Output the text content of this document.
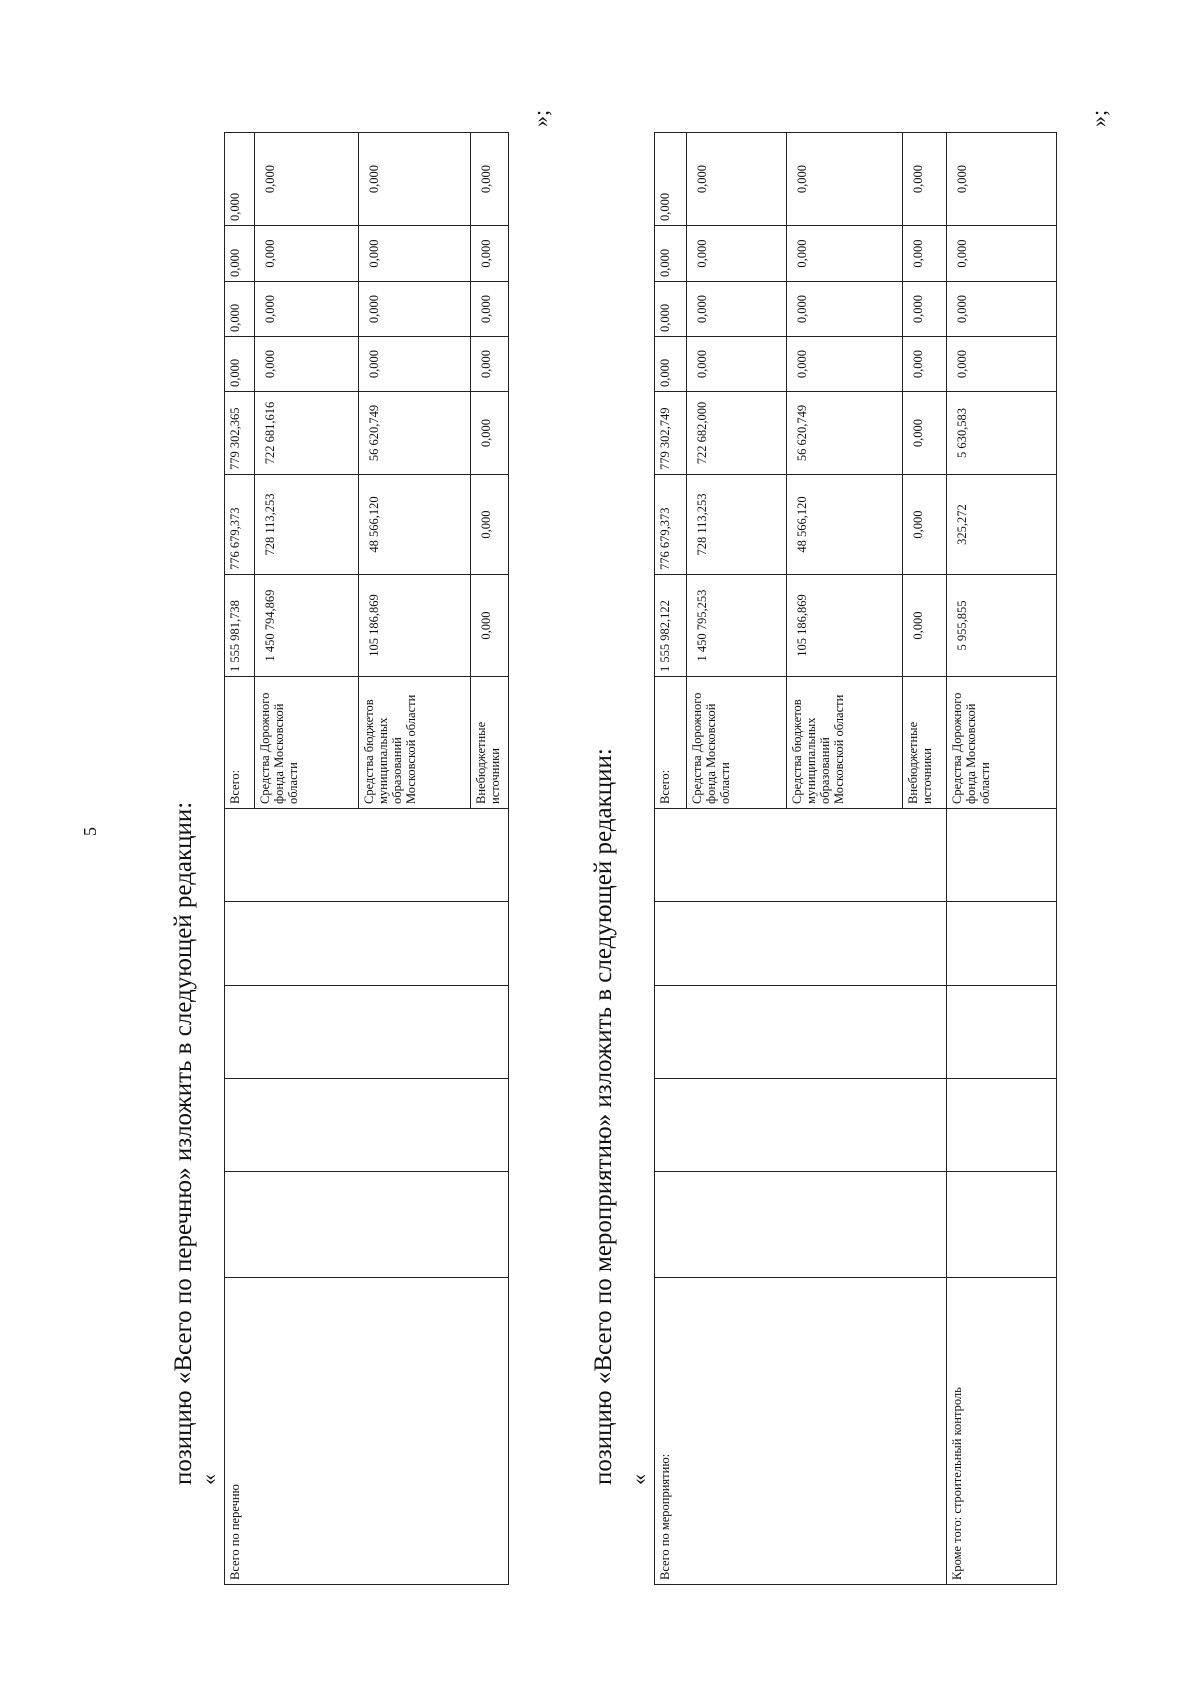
5	позицию «Всего по перечню» изложить в следующей редакции: «
Всего по перечню						Всего:	1 555 981,738	776 679,373	779 302,365	0,000	0,000	0,000	0,000
						Средства Дорожного фонда Московской области	1 450 794,869	728 113,253	722 681,616	0,000	0,000	0,000	0,000
						Средства бюджетов муниципальных образований Московской области	105 186,869	48 566,120	56 620,749	0,000	0,000	0,000	0,000
						Внебюджетные источники	0,000	0,000	0,000	0,000	0,000	0,000	0,000
»;
позицию «Всего по мероприятию» изложить в следующей редакции: « Всего по мероприятию:						Всего:	1 555 982,122	776 679,373	779 302,749	0,000	0,000	0,000	0,000
						Средства Дорожного фонда Московской области	1 450 795,253	728 113,253	722 682,000	0,000	0,000	0,000	0,000
						Средства бюджетов муниципальных образований Московской области	105 186,869	48 566,120	56 620,749	0,000	0,000	0,000	0,000
						Внебюджетные источники	0,000	0,000	0,000	0,000	0,000	0,000	0,000
Кроме того: строительный контроль						Средства Дорожного фонда Московской области	5 955,855	325,272	5 630,583	0,000	0,000	0,000	0,000
»;
